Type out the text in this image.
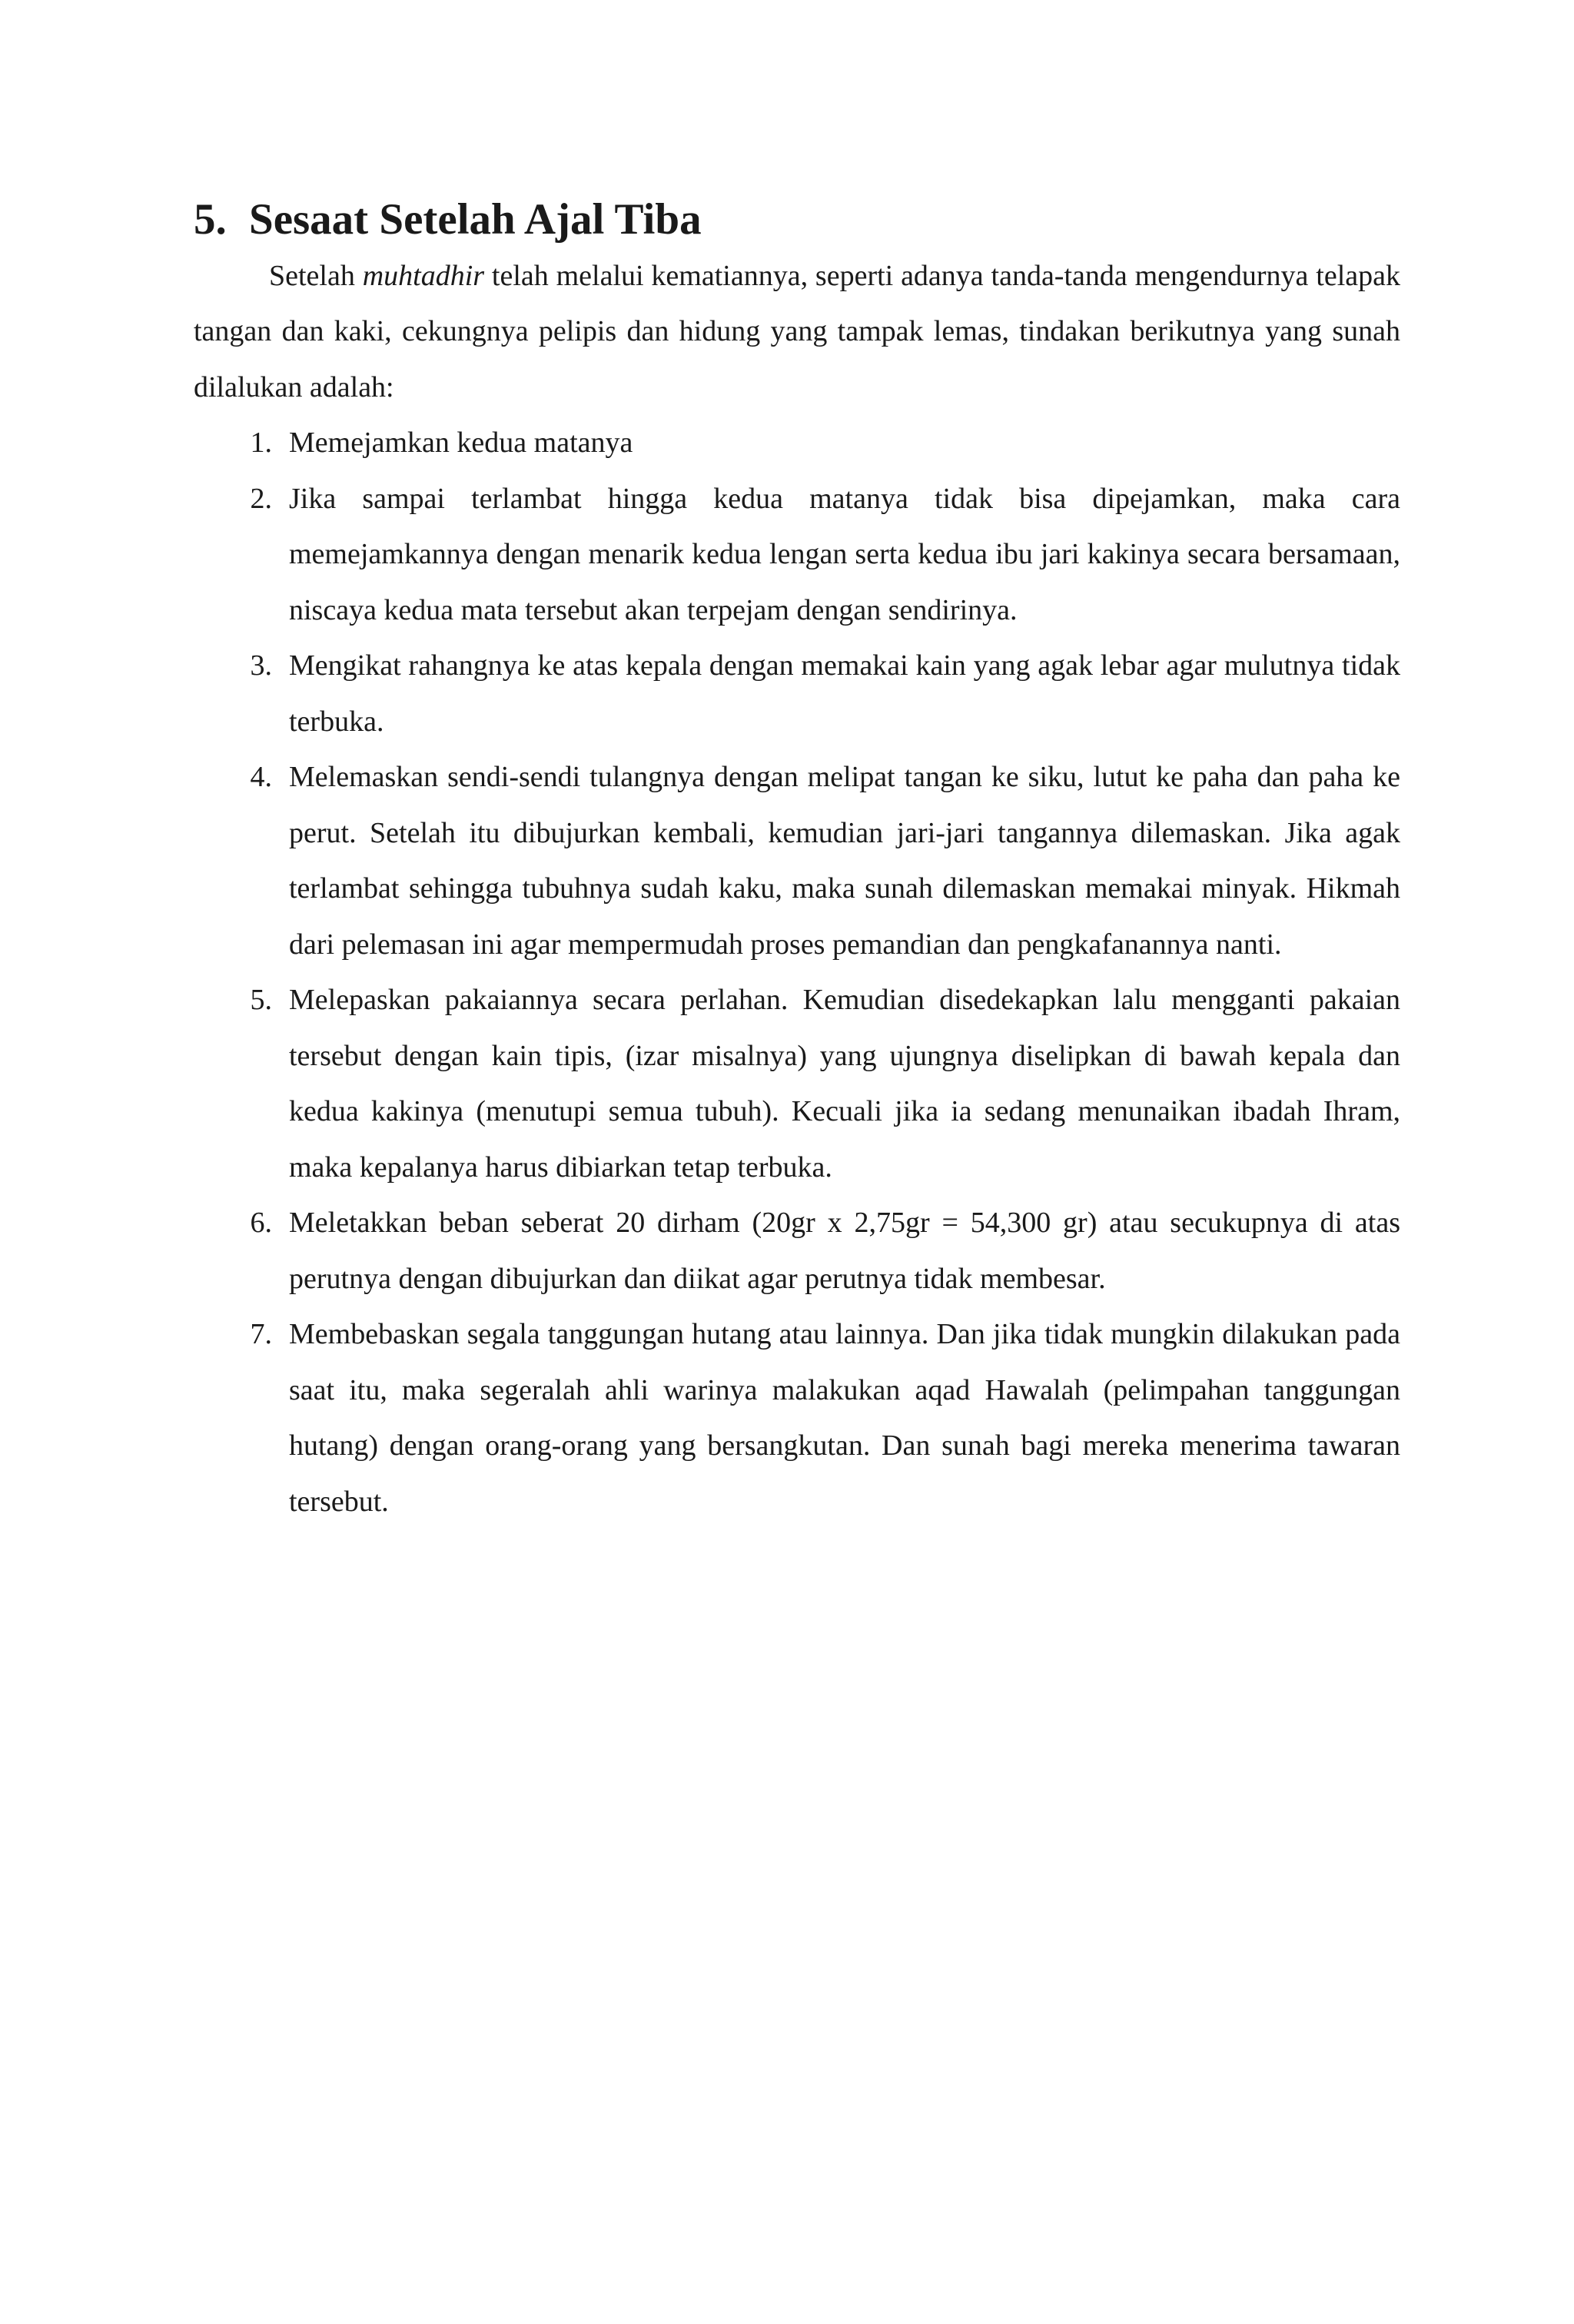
5. Sesaat Setelah Ajal Tiba

Setelah muhtadhir telah melalui kematiannya, seperti adanya tanda-tanda mengendurnya telapak tangan dan kaki, cekungnya pelipis dan hidung yang tampak lemas, tindakan berikutnya yang sunah dilalukan adalah:

1. Memejamkan kedua matanya
2. Jika sampai terlambat hingga kedua matanya tidak bisa dipejamkan, maka cara memejamkannya dengan menarik kedua lengan serta kedua ibu jari kakinya secara bersamaan, niscaya kedua mata tersebut akan terpejam dengan sendirinya.
3. Mengikat rahangnya ke atas kepala dengan memakai kain yang agak lebar agar mulutnya tidak terbuka.
4. Melemaskan sendi-sendi tulangnya dengan melipat tangan ke siku, lutut ke paha dan paha ke perut. Setelah itu dibujurkan kembali, kemudian jari-jari tangannya dilemaskan. Jika agak terlambat sehingga tubuhnya sudah kaku, maka sunah dilemaskan memakai minyak. Hikmah dari pelemasan ini agar mempermudah proses pemandian dan pengkafanannya nanti.
5. Melepaskan pakaiannya secara perlahan. Kemudian disedekapkan lalu mengganti pakaian tersebut dengan kain tipis, (izar misalnya) yang ujungnya diselipkan di bawah kepala dan kedua kakinya (menutupi semua tubuh). Kecuali jika ia sedang menunaikan ibadah Ihram, maka kepalanya harus dibiarkan tetap terbuka.
6. Meletakkan beban seberat 20 dirham (20gr x 2,75gr = 54,300 gr) atau secukupnya di atas perutnya dengan dibujurkan dan diikat agar perutnya tidak membesar.
7. Membebaskan segala tanggungan hutang atau lainnya. Dan jika tidak mungkin dilakukan pada saat itu, maka segeralah ahli warinya malakukan aqad Hawalah (pelimpahan tanggungan hutang) dengan orang-orang yang bersangkutan. Dan sunah bagi mereka menerima tawaran tersebut.
